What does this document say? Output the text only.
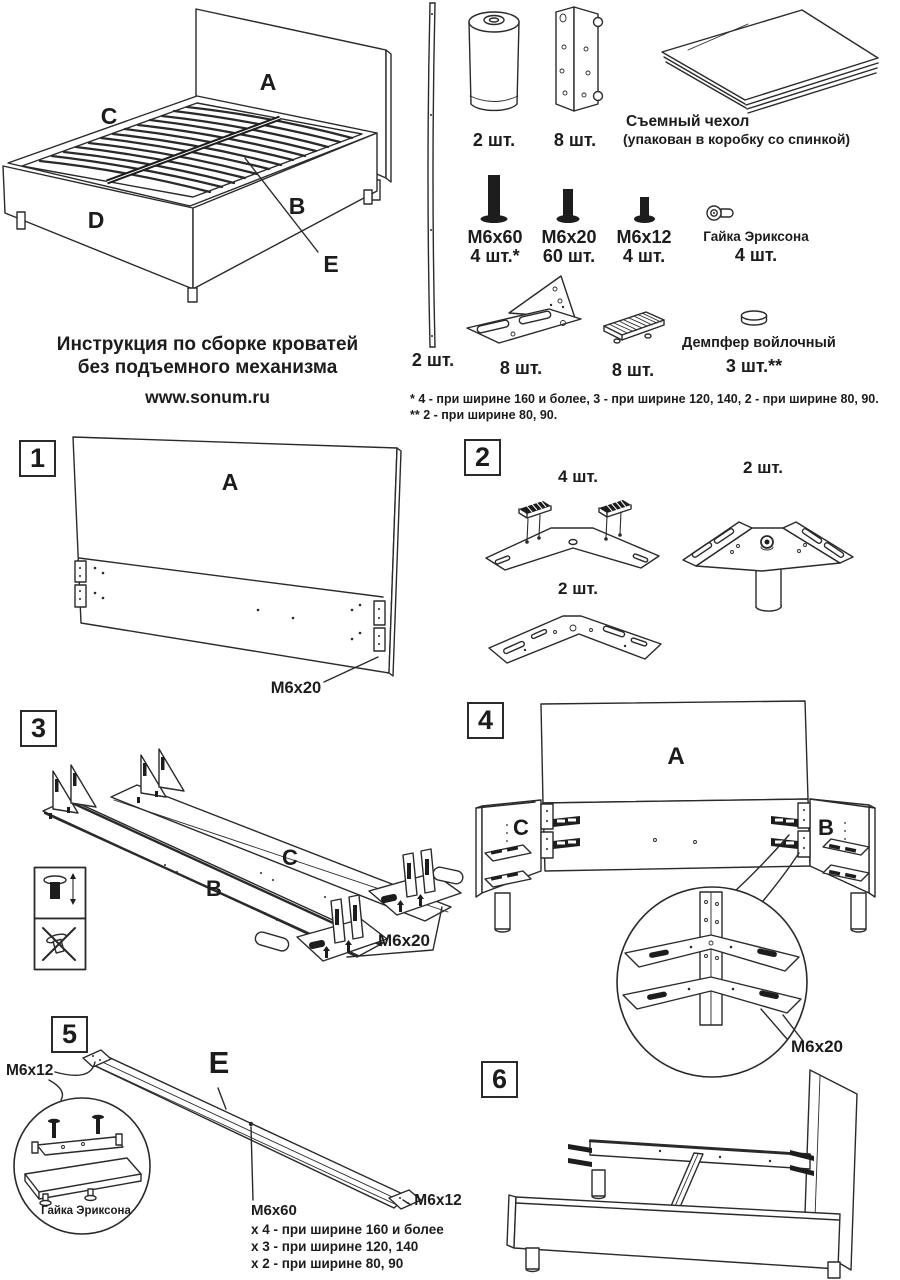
A
C
B
D
E
Инструкция по сборке кроватей
без подъемного механизма
www.sonum.ru
2 шт.
2 шт.	8 шт.
Съемный чехол
(упакован в коробку со спинкой)
M6x60
4 шт.*
M6x20
60 шт.
M6x12
4 шт.
Гайка Эриксона
4 шт.
8 шт.	8 шт.
Демпфер войлочный
3 шт.**
* 4 - при ширине 160 и более, 3 - при ширине 120, 140, 2 - при ширине 80, 90.
** 2 - при ширине 80, 90.
1
A
M6x20
2
4 шт.	2 шт.
2 шт.
3
B
C
M6x20
4
A
C	B
M6x20
5
E
M6x12
M6x12
Гайка Эриксона	M6x60
x 4 - при ширине 160 и более
x 3 - при ширине 120, 140
x 2 - при ширине 80, 90
6
